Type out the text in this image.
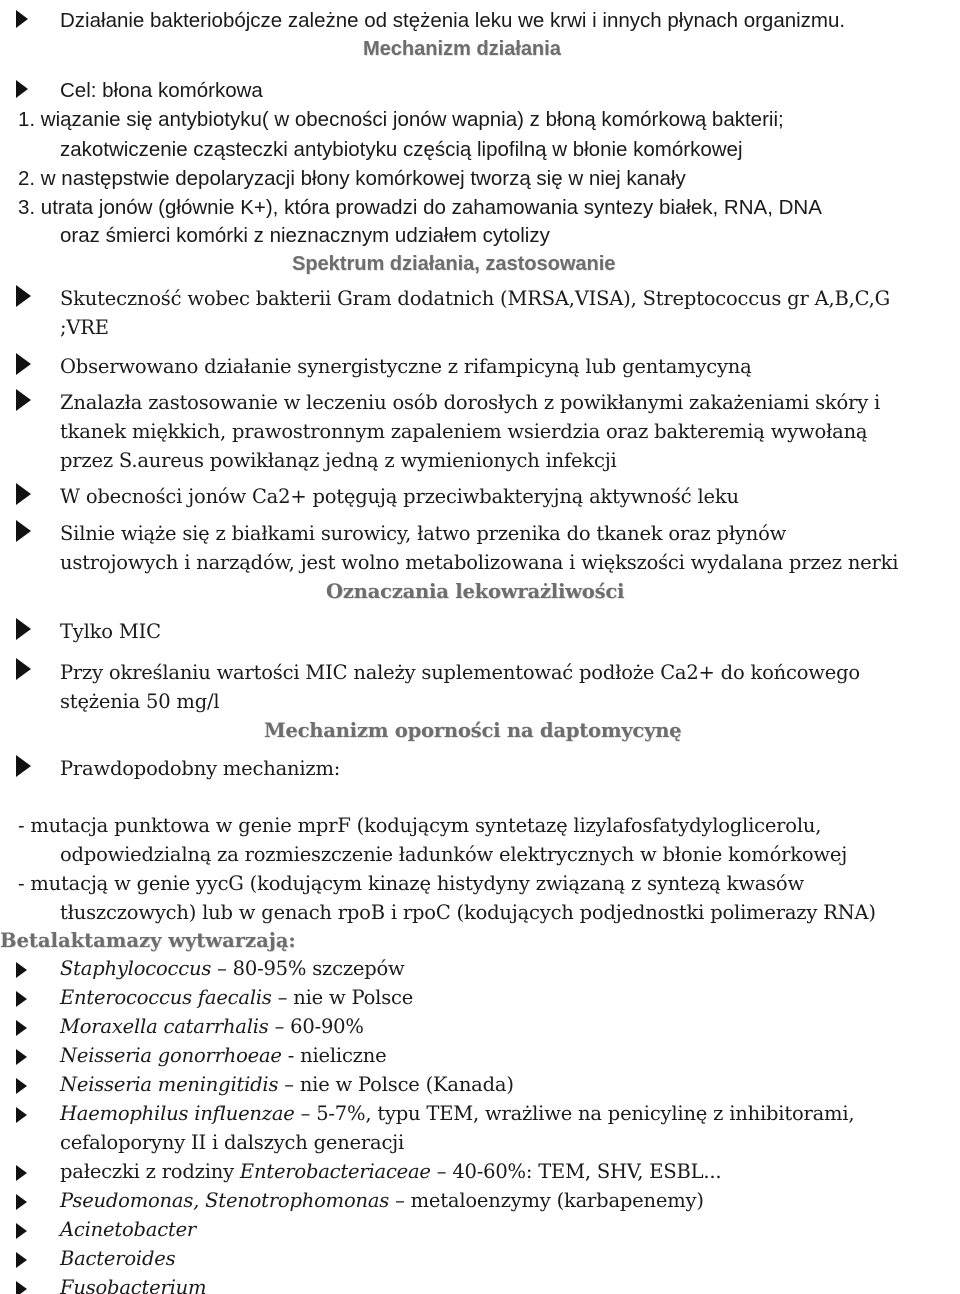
Działanie bakteriobójcze zależne od stężenia leku we krwi i innych płynach organizmu.
Mechanizm działania
Cel: błona komórkowa
1. wiązanie się antybiotyku( w obecności jonów wapnia) z błoną komórkową bakterii;
zakotwiczenie cząsteczki antybiotyku częścią lipofilną w błonie komórkowej
2. w następstwie depolaryzacji błony komórkowej tworzą się w niej kanały
3. utrata jonów (głównie K+), która prowadzi do zahamowania syntezy białek, RNA, DNA
oraz śmierci komórki z nieznacznym udziałem cytolizy
Spektrum działania, zastosowanie
Skuteczność wobec bakterii Gram dodatnich (MRSA,VISA), Streptococcus gr A,B,C,G
;VRE
Obserwowano działanie synergistyczne z rifampicyną lub gentamycyną
Znalazła zastosowanie w leczeniu osób dorosłych z powikłanymi zakażeniami skóry i
tkanek miękkich, prawostronnym zapaleniem wsierdzia oraz bakteremią wywołaną
przez S.aureus powikłanąz jedną z wymienionych infekcji
W obecności jonów Ca2+ potęgują przeciwbakteryjną aktywność leku
Silnie wiąże się z białkami surowicy, łatwo przenika do tkanek oraz płynów
ustrojowych i narządów, jest wolno metabolizowana i większości wydalana przez nerki
Oznaczania lekowrażliwości
Tylko MIC
Przy określaniu wartości MIC należy suplementować podłoże Ca2+ do końcowego
stężenia 50 mg/l
Mechanizm oporności na daptomycynę
Prawdopodobny mechanizm:
- mutacja punktowa w genie mprF (kodującym syntetazę lizylafosfatydyloglicerolu,
odpowiedzialną za rozmieszczenie ładunków elektrycznych w błonie komórkowej
- mutacją w genie yycG (kodującym kinazę histydyny związaną z syntezą kwasów
tłuszczowych) lub w genach rpoB i rpoC (kodujących podjednostki polimerazy RNA)
Betalaktamazy wytwarzają:
Staphylococcus – 80-95% szczepów
Enterococcus faecalis – nie w Polsce
Moraxella catarrhalis – 60-90%
Neisseria gonorrhoeae - nieliczne
Neisseria meningitidis – nie w Polsce (Kanada)
Haemophilus influenzae – 5-7%, typu TEM, wrażliwe na penicylinę z inhibitorami,
cefaloporyny II i dalszych generacji
pałeczki z rodziny Enterobacteriaceae – 40-60%: TEM, SHV, ESBL...
Pseudomonas, Stenotrophomonas – metaloenzymy (karbapenemy)
Acinetobacter
Bacteroides
Fusobacterium
